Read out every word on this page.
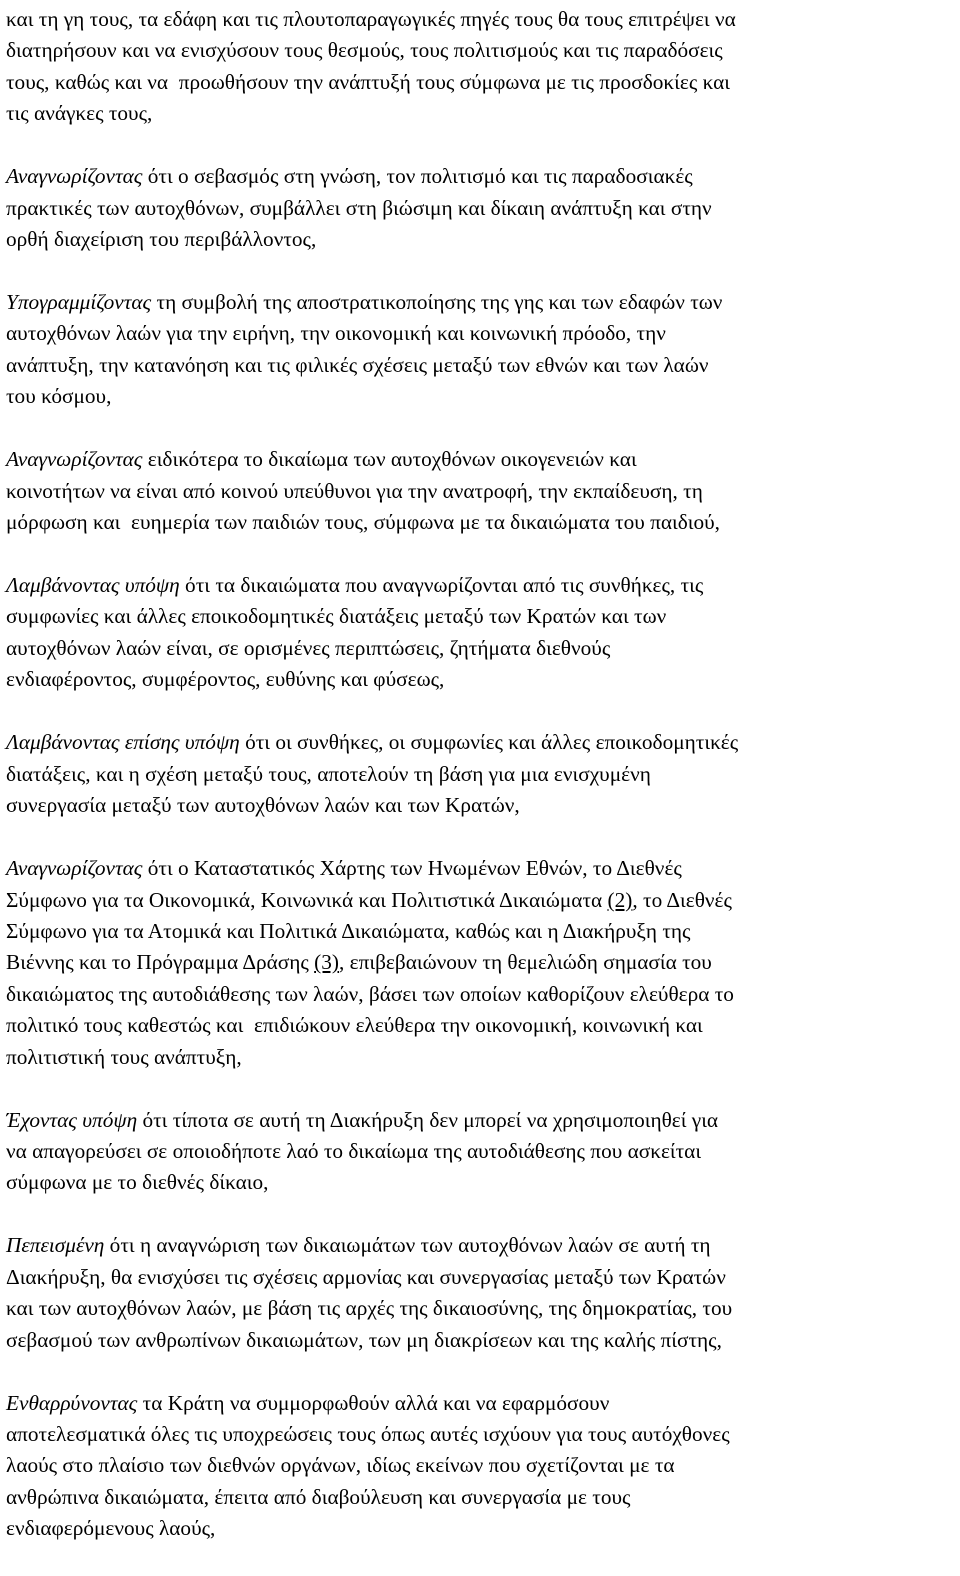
και τη γη τους, τα εδάφη και τις πλουτοπαραγωγικές πηγές τους θα τους επιτρέψει να
διατηρήσουν και να ενισχύσουν τους θεσμούς, τους πολιτισμούς και τις παραδόσεις
τους, καθώς και να  προωθήσουν την ανάπτυξή τους σύμφωνα με τις προσδοκίες και
τις ανάγκες τους,
Αναγνωρίζοντας ότι ο σεβασμός στη γνώση, τον πολιτισμό και τις παραδοσιακές
πρακτικές των αυτοχθόνων, συμβάλλει στη βιώσιμη και δίκαιη ανάπτυξη και στην
ορθή διαχείριση του περιβάλλοντος,
Υπογραμμίζοντας τη συμβολή της αποστρατικοποίησης της γης και των εδαφών των
αυτοχθόνων λαών για την ειρήνη, την οικονομική και κοινωνική πρόοδο, την
ανάπτυξη, την κατανόηση και τις φιλικές σχέσεις μεταξύ των εθνών και των λαών
του κόσμου,
Αναγνωρίζοντας ειδικότερα το δικαίωμα των αυτοχθόνων οικογενειών και
κοινοτήτων να είναι από κοινού υπεύθυνοι για την ανατροφή, την εκπαίδευση, τη
μόρφωση και  ευημερία των παιδιών τους, σύμφωνα με τα δικαιώματα του παιδιού,
Λαμβάνοντας υπόψη ότι τα δικαιώματα που αναγνωρίζονται από τις συνθήκες, τις
συμφωνίες και άλλες εποικοδομητικές διατάξεις μεταξύ των Κρατών και των
αυτοχθόνων λαών είναι, σε ορισμένες περιπτώσεις, ζητήματα διεθνούς
ενδιαφέροντος, συμφέροντος, ευθύνης και φύσεως,
Λαμβάνοντας επίσης υπόψη ότι οι συνθήκες, οι συμφωνίες και άλλες εποικοδομητικές
διατάξεις, και η σχέση μεταξύ τους, αποτελούν τη βάση για μια ενισχυμένη
συνεργασία μεταξύ των αυτοχθόνων λαών και των Κρατών,
Αναγνωρίζοντας ότι ο Καταστατικός Χάρτης των Ηνωμένων Εθνών, το Διεθνές
Σύμφωνο για τα Οικονομικά, Κοινωνικά και Πολιτιστικά Δικαιώματα (2), το Διεθνές
Σύμφωνο για τα Ατομικά και Πολιτικά Δικαιώματα, καθώς και η Διακήρυξη της
Βιέννης και το Πρόγραμμα Δράσης (3), επιβεβαιώνουν τη θεμελιώδη σημασία του
δικαιώματος της αυτοδιάθεσης των λαών, βάσει των οποίων καθορίζουν ελεύθερα το
πολιτικό τους καθεστώς και  επιδιώκουν ελεύθερα την οικονομική, κοινωνική και
πολιτιστική τους ανάπτυξη,
Έχοντας υπόψη ότι τίποτα σε αυτή τη Διακήρυξη δεν μπορεί να χρησιμοποιηθεί για
να απαγορεύσει σε οποιοδήποτε λαό το δικαίωμα της αυτοδιάθεσης που ασκείται
σύμφωνα με το διεθνές δίκαιο,
Πεπεισμένη ότι η αναγνώριση των δικαιωμάτων των αυτοχθόνων λαών σε αυτή τη
Διακήρυξη, θα ενισχύσει τις σχέσεις αρμονίας και συνεργασίας μεταξύ των Κρατών
και των αυτοχθόνων λαών, με βάση τις αρχές της δικαιοσύνης, της δημοκρατίας, του
σεβασμού των ανθρωπίνων δικαιωμάτων, των μη διακρίσεων και της καλής πίστης,
Ενθαρρύνοντας τα Κράτη να συμμορφωθούν αλλά και να εφαρμόσουν
αποτελεσματικά όλες τις υποχρεώσεις τους όπως αυτές ισχύουν για τους αυτόχθονες
λαούς στο πλαίσιο των διεθνών οργάνων, ιδίως εκείνων που σχετίζονται με τα
ανθρώπινα δικαιώματα, έπειτα από διαβούλευση και συνεργασία με τους
ενδιαφερόμενους λαούς,
